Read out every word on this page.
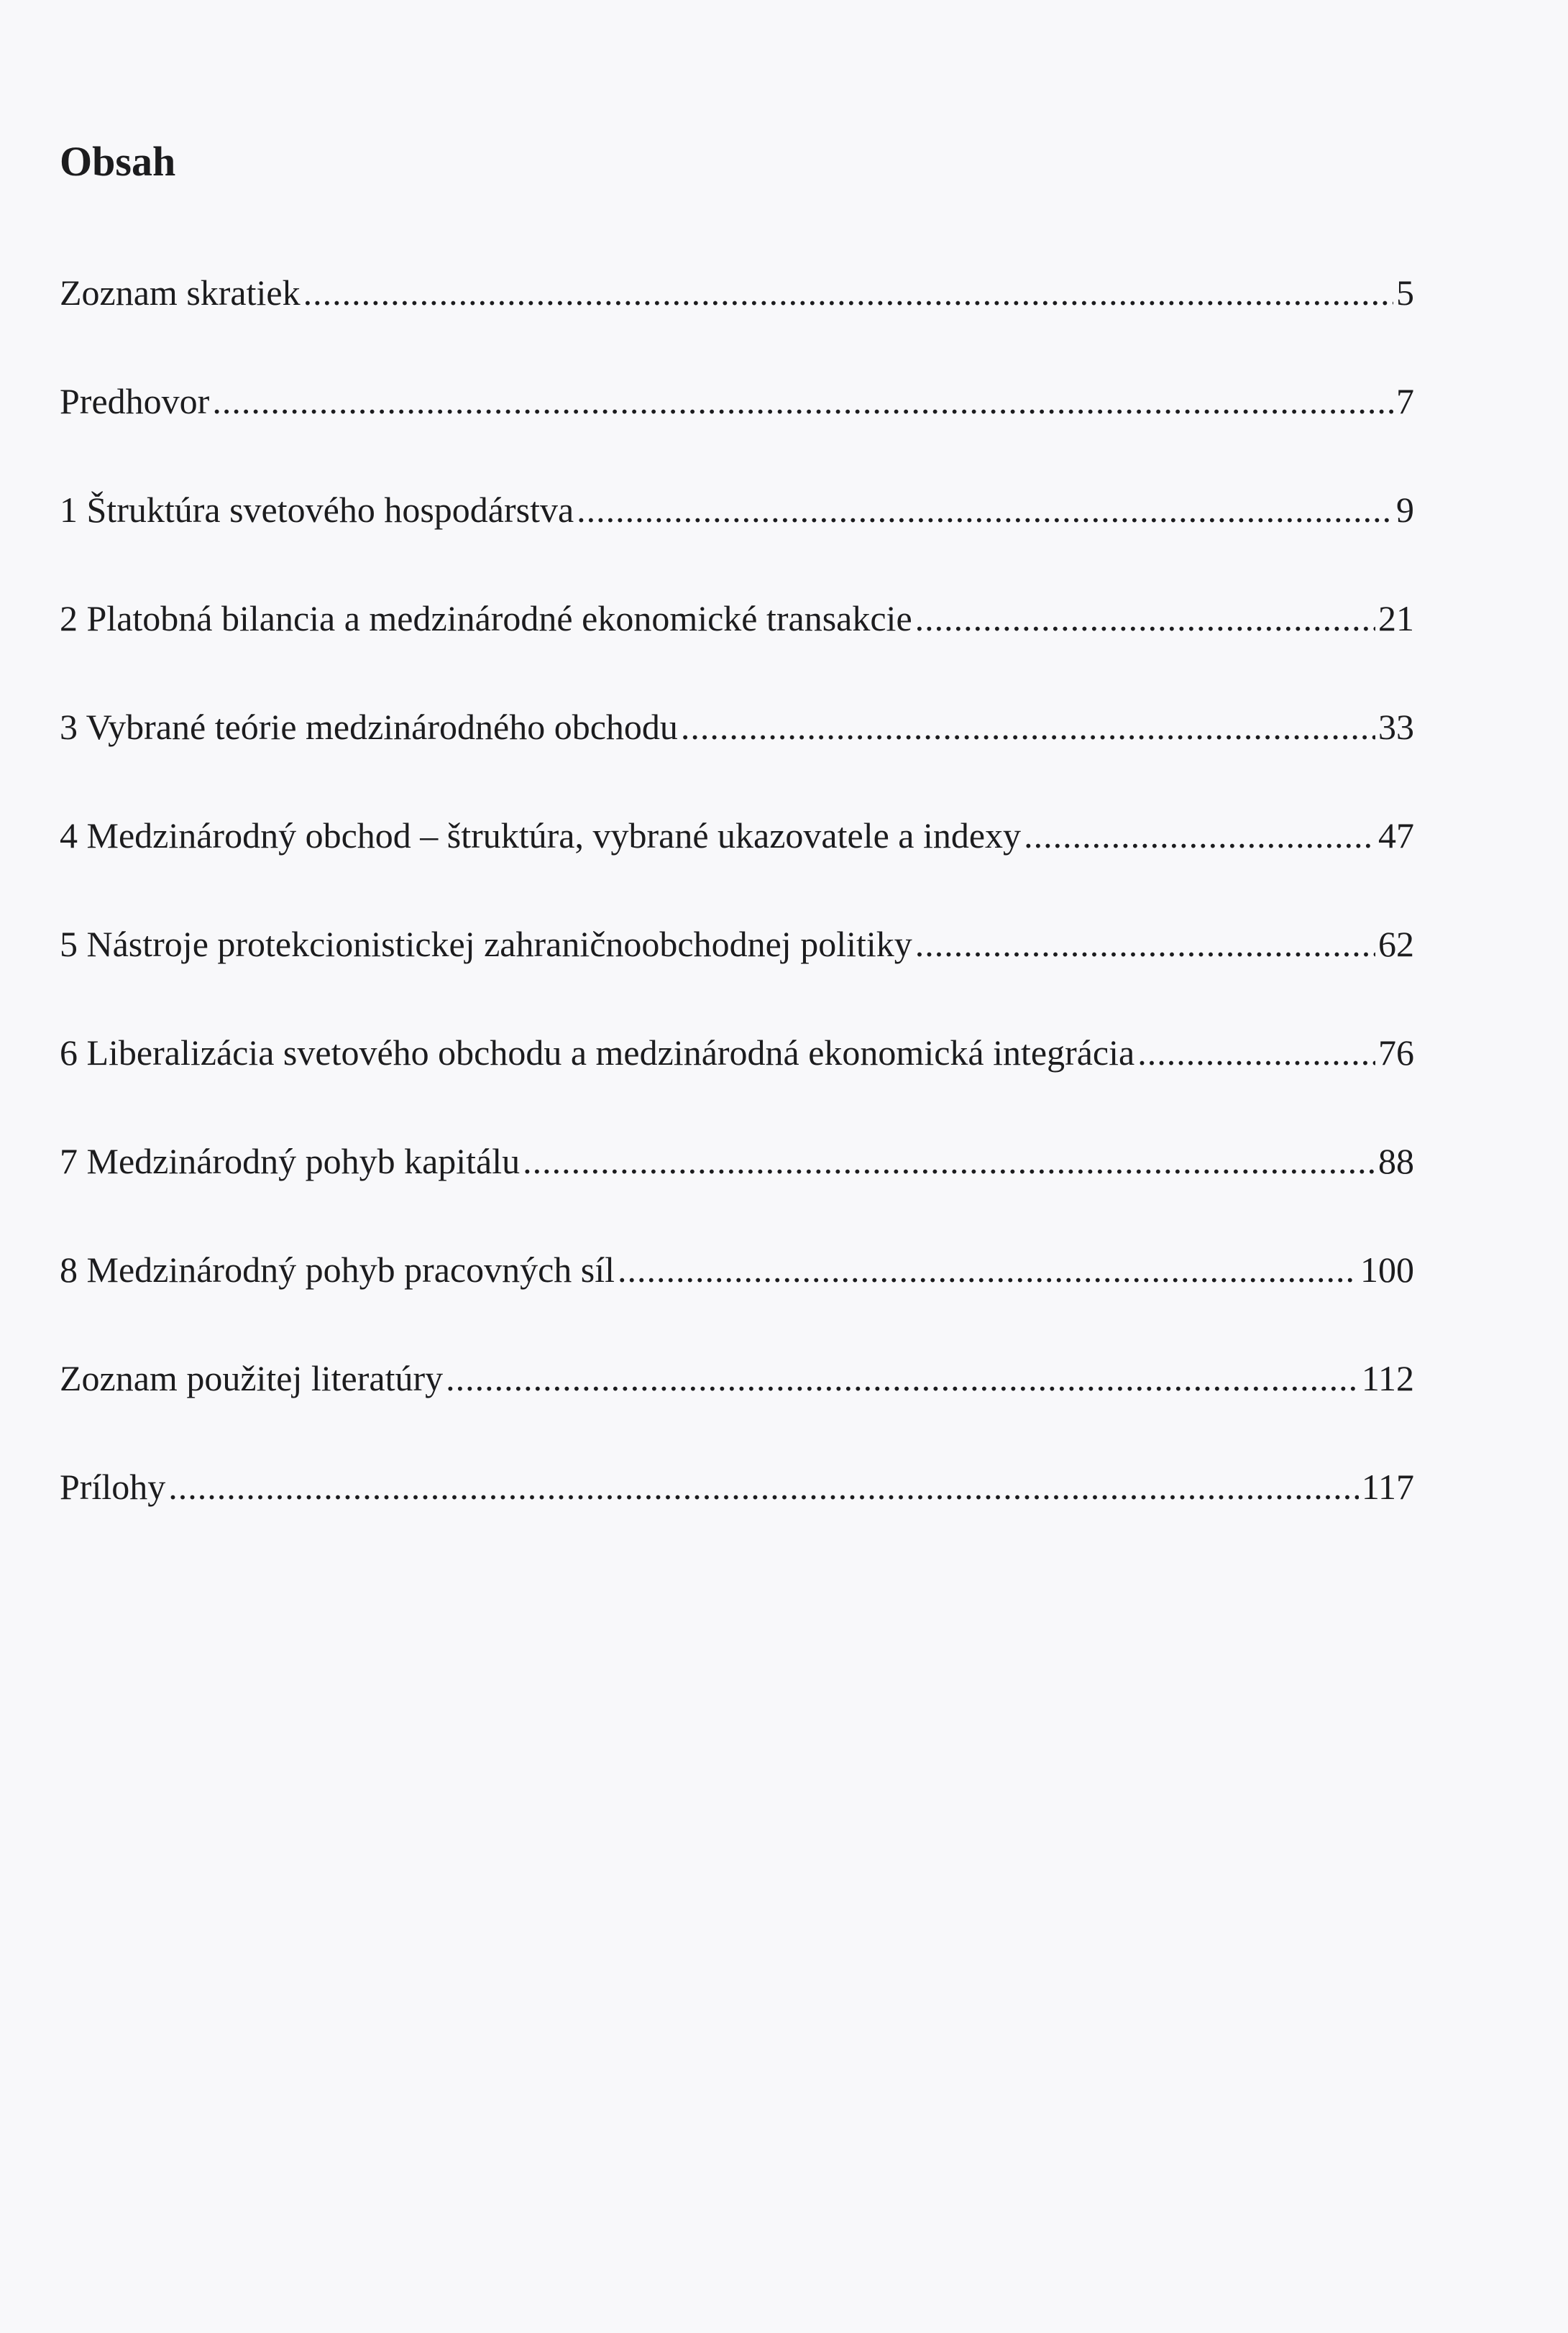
Obsah
Zoznam skratiek .....	5
Predhovor .....	7
1 Štruktúra svetového hospodárstva .....	9
2 Platobná bilancia a medzinárodné ekonomické transakcie .....	21
3 Vybrané teórie medzinárodného obchodu .....	33
4 Medzinárodný obchod – štruktúra, vybrané ukazovatele a indexy .....	47
5 Nástroje protekcionistickej zahraničnoobchodnej politiky .....	62
6 Liberalizácia svetového obchodu a medzinárodná ekonomická integrácia .....	76
7 Medzinárodný pohyb kapitálu .....	88
8 Medzinárodný pohyb pracovných síl .....	100
Zoznam použitej literatúry .....	112
Prílohy .....	117
